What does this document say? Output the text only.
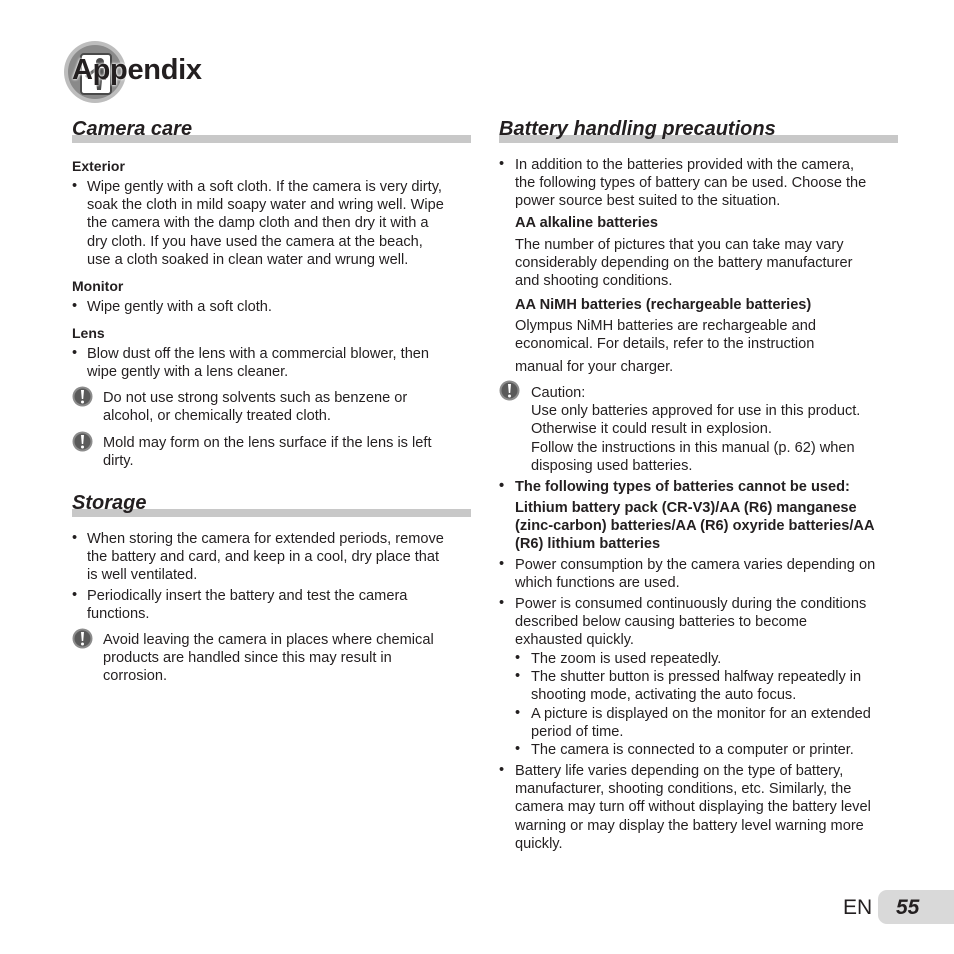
Appendix
Camera care
Exterior
• Wipe gently with a soft cloth. If the camera is very dirty,
soak the cloth in mild soapy water and wring well. Wipe
the camera with the damp cloth and then dry it with a
dry cloth. If you have used the camera at the beach,
use a cloth soaked in clean water and wrung well.
Monitor
• Wipe gently with a soft cloth.
Lens
• Blow dust off the lens with a commercial blower, then
wipe gently with a lens cleaner.
Do not use strong solvents such as benzene or
alcohol, or chemically treated cloth.
Mold may form on the lens surface if the lens is left
dirty.
Storage
• When storing the camera for extended periods, remove
the battery and card, and keep in a cool, dry place that
is well ventilated.
• Periodically insert the battery and test the camera
functions.
Avoid leaving the camera in places where chemical
products are handled since this may result in
corrosion.
Battery handling precautions
• In addition to the batteries provided with the camera,
the following types of battery can be used. Choose the
power source best suited to the situation.
AA alkaline batteries
The number of pictures that you can take may vary
considerably depending on the battery manufacturer
and shooting conditions.
AA NiMH batteries (rechargeable batteries)
Olympus NiMH batteries are rechargeable and
economical. For details, refer to the instruction
manual for your charger.
Caution:
Use only batteries approved for use in this product.
Otherwise it could result in explosion.
Follow the instructions in this manual (p. 62) when
disposing used batteries.
• The following types of batteries cannot be used:
Lithium battery pack (CR-V3)/AA (R6) manganese
(zinc-carbon) batteries/AA (R6) oxyride batteries/AA
(R6) lithium batteries
• Power consumption by the camera varies depending on
which functions are used.
• Power is consumed continuously during the conditions
described below causing batteries to become
exhausted quickly.
• The zoom is used repeatedly.
• The shutter button is pressed halfway repeatedly in
shooting mode, activating the auto focus.
• A picture is displayed on the monitor for an extended
period of time.
• The camera is connected to a computer or printer.
• Battery life varies depending on the type of battery,
manufacturer, shooting conditions, etc. Similarly, the
camera may turn off without displaying the battery level
warning or may display the battery level warning more
quickly.
EN 55
